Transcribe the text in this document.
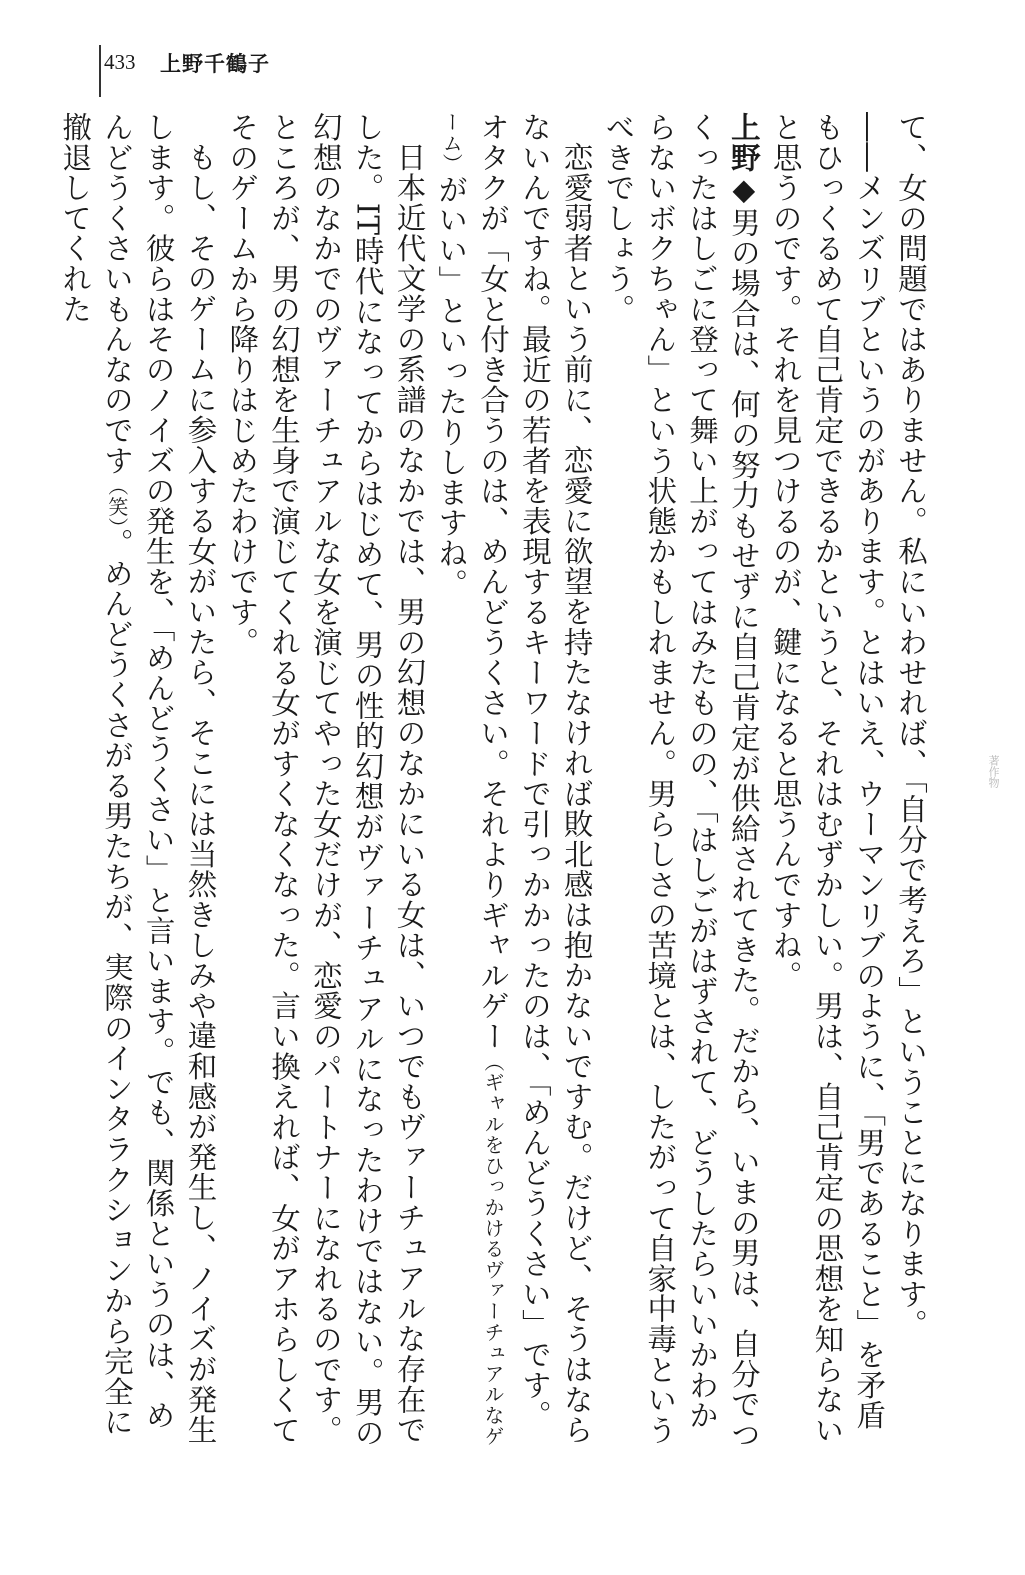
433 上野千鶴子

て、女の問題ではありません。私にいわせれば、「自分で考えろ」ということになります。

――メンズリブというのがあります。とはいえ、ウーマンリブのように、「男であること」を矛盾もひっくるめて自己肯定できるかというと、それはむずかしい。男は、自己肯定の思想を知らないと思うのです。それを見つけるのが、鍵になると思うんですね。

上野◆男の場合は、何の努力もせずに自己肯定が供給されてきた。だから、いまの男は、自分でつくったはしごに登って舞い上がってはみたものの、「はしごがはずされて、どうしたらいいかわからないボクちゃん」という状態かもしれません。男らしさの苦境とは、したがって自家中毒というべきでしょう。

恋愛弱者という前に、恋愛に欲望を持たなければ敗北感は抱かないですむ。だけど、そうはならないんですね。最近の若者を表現するキーワードで引っかかったのは、「めんどうくさい」です。オタクが「女と付き合うのは、めんどうくさい。それよりギャルゲー（ギャルをひっかけるヴァーチュアルなゲーム）がいい」といったりしますね。

日本近代文学の系譜のなかでは、男の幻想のなかにいる女は、いつでもヴァーチュアルな存在でした。IT時代になってからはじめて、男の性的幻想がヴァーチュアルになったわけではない。男の幻想のなかでのヴァーチュアルな女を演じてやった女だけが、恋愛のパートナーになれるのです。ところが、男の幻想を生身で演じてくれる女がすくなくなった。言い換えれば、女がアホらしくてそのゲームから降りはじめたわけです。

もし、そのゲームに参入する女がいたら、そこには当然きしみや違和感が発生し、ノイズが発生します。彼らはそのノイズの発生を、「めんどうくさい」と言います。でも、関係というのは、めんどうくさいもんなのです（笑）。めんどうくさがる男たちが、実際のインタラクションから完全に撤退してくれた

著作物
